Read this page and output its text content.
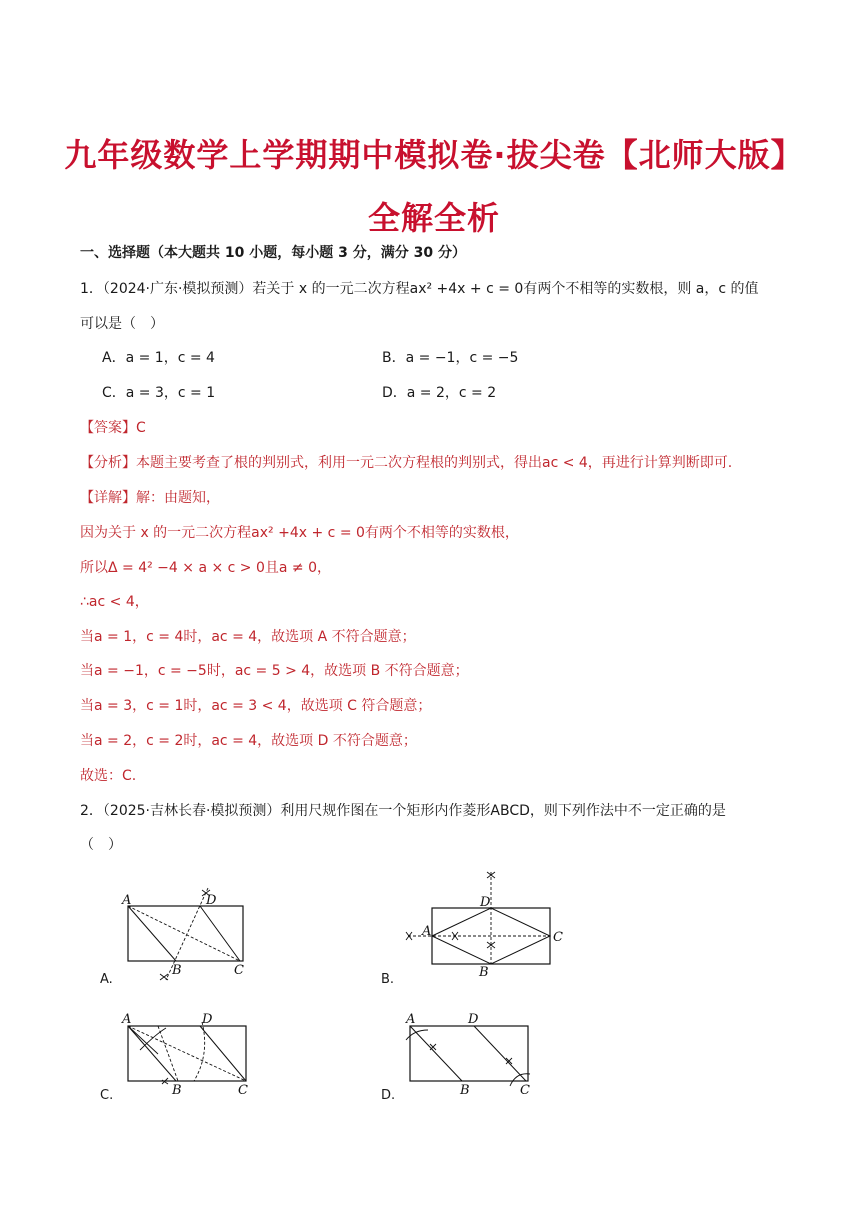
九年级数学上学期期中模拟卷·拔尖卷【北师大版】
全解全析
一、选择题（本大题共 10 小题，每小题 3 分，满分 30 分）
1．（2024·广东·模拟预测）若关于 x 的一元二次方程ax² +4x + c = 0有两个不相等的实数根，则 a，c 的值
可以是（　）
A．a = 1，c = 4	B．a = −1，c = −5
C．a = 3，c = 1	D．a = 2，c = 2
【答案】C
【分析】本题主要考查了根的判别式，利用一元二次方程根的判别式，得出ac < 4，再进行计算判断即可.
【详解】解：由题知，
因为关于 x 的一元二次方程ax² +4x + c = 0有两个不相等的实数根，
所以Δ = 4² −4 × a × c > 0且a ≠ 0，
∴ac < 4，
当a = 1，c = 4时，ac = 4，故选项 A 不符合题意；
当a = −1，c = −5时，ac = 5 > 4，故选项 B 不符合题意；
当a = 3，c = 1时，ac = 3 < 4，故选项 C 符合题意；
当a = 2，c = 2时，ac = 4，故选项 D 不符合题意；
故选：C.
2．（2025·吉林长春·模拟预测）利用尺规作图在一个矩形内作菱形ABCD，则下列作法中不一定正确的是
（　）
A	D
B	C
A.
A
D
C
B
B.
A	D
B	C
C.
A	D
B	C
D.
